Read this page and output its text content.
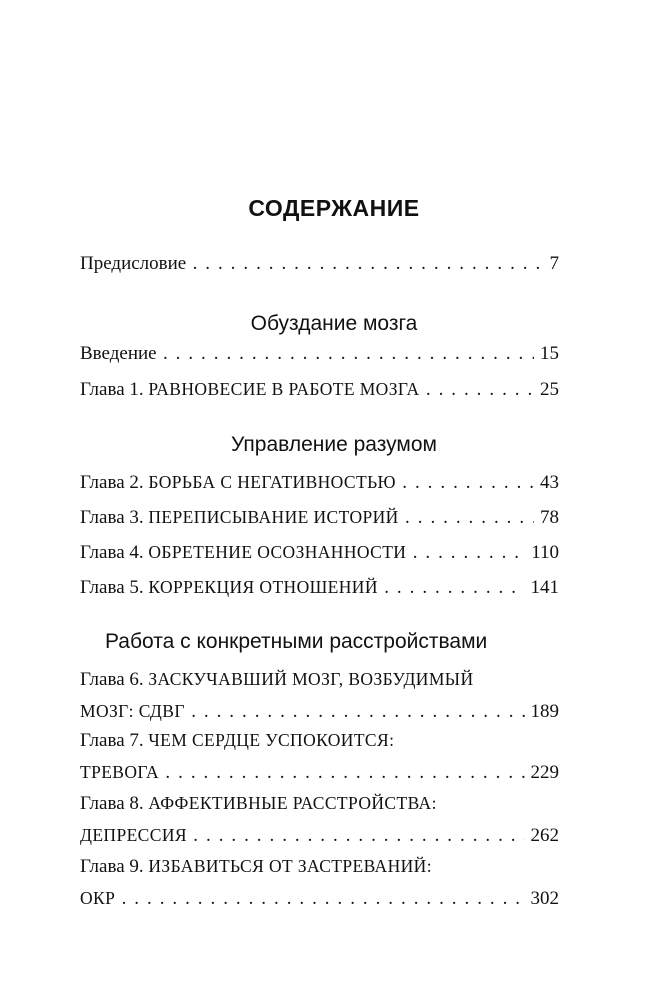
СОДЕРЖАНИЕ
Предисловие . . .	7
Обуздание мозга
Введение . . .	15
Глава 1. РАВНОВЕСИЕ В РАБОТЕ МОЗГА . . .	25
Управление разумом
Глава 2. БОРЬБА С НЕГАТИВНОСТЬЮ . . .	43
Глава 3. ПЕРЕПИСЫВАНИЕ ИСТОРИЙ . . .	78
Глава 4. ОБРЕТЕНИЕ ОСОЗНАННОСТИ . . .	110
Глава 5. КОРРЕКЦИЯ ОТНОШЕНИЙ . . .	141
Работа с конкретными расстройствами
Глава 6. ЗАСКУЧАВШИЙ МОЗГ, ВОЗБУДИМЫЙ
МОЗГ: СДВГ . . .	189
Глава 7. ЧЕМ СЕРДЦЕ УСПОКОИТСЯ:
ТРЕВОГА . . .	229
Глава 8. АФФЕКТИВНЫЕ РАССТРОЙСТВА:
ДЕПРЕССИЯ . . .	262
Глава 9. ИЗБАВИТЬСЯ ОТ ЗАСТРЕВАНИЙ:
ОКР . . .	302
